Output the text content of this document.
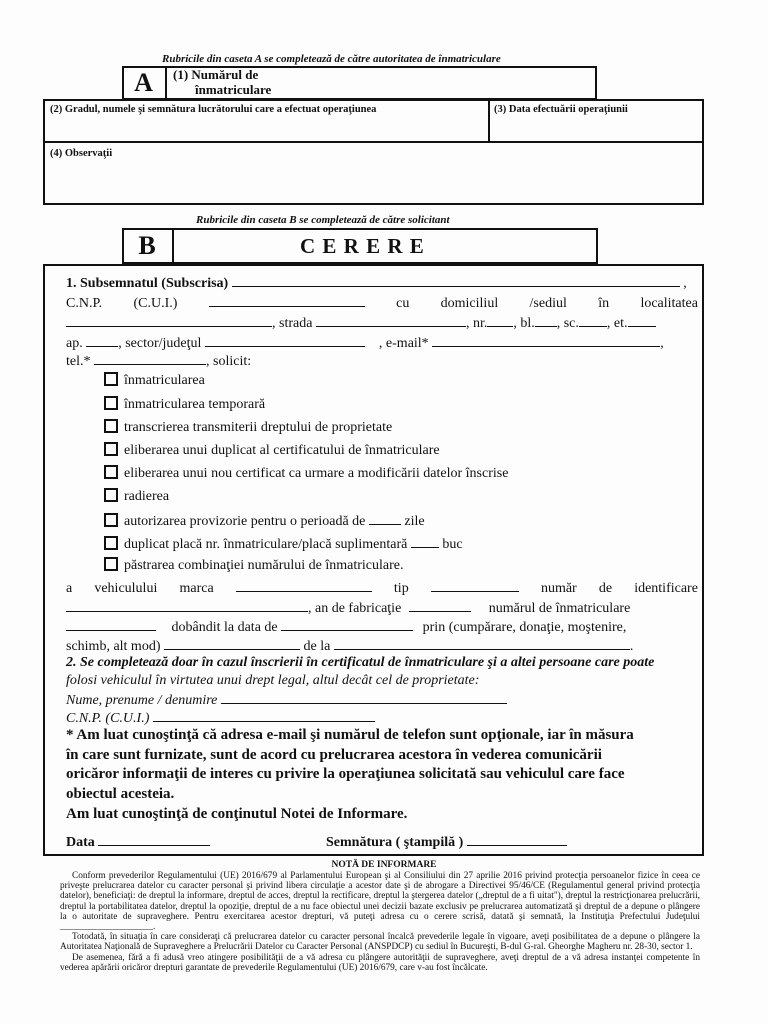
Rubricile din caseta A se completează de către autoritatea de înmatriculare
A	(1) Numărul de
înmatriculare
(2) Gradul, numele şi semnătura lucrătorului care a efectuat operaţiunea	(3) Data efectuării operaţiunii
(4) Observaţii
Rubricile din caseta B se completează de către solicitant
B	C E R E R E
1. Subsemnatul (Subscrisa)	,
C.N.P. (C.U.I.)	cu domiciliul /sediul în localitatea
, strada	, nr. , bl. , sc. , et.
ap.	, sector/judeţul	, e-mail*	,
tel.*	, solicit:
înmatricularea
înmatricularea temporară
transcrierea transmiterii dreptului de proprietate
eliberarea unui duplicat al certificatului de înmatriculare
eliberarea unui nou certificat ca urmare a modificării datelor înscrise
radierea
autorizarea provizorie pentru o perioadă de	zile
duplicat placă nr. înmatriculare/placă suplimentară	buc
păstrarea combinaţiei numărului de înmatriculare.
a vehiculului marca	tip	număr de identificare
, an de fabricaţie	numărul de înmatriculare
dobândit la data de	prin (cumpărare, donaţie, moştenire,
schimb, alt mod)	de la	.
2. Se completează doar în cazul înscrierii în certificatul de înmatriculare şi a altei persoane care poate
folosi vehiculul în virtutea unui drept legal, altul decât cel de proprietate:
Nume, prenume / denumire
C.N.P. (C.U.I.)
* Am luat cunoştinţă că adresa e-mail şi numărul de telefon sunt opţionale, iar în măsura
în care sunt furnizate, sunt de acord cu prelucrarea acestora în vederea comunicării
oricăror informaţii de interes cu privire la operaţiunea solicitată sau vehiculul care face
obiectul acesteia.
Am luat cunoştinţă de conţinutul Notei de Informare.
Data	Semnătura ( ştampilă )
NOTĂ DE INFORMARE

Conform prevederilor Regulamentului (UE) 2016/679 al Parlamentului European şi al Consiliului din 27 aprilie 2016 privind protecţia persoanelor fizice în ceea ce priveşte prelucrarea datelor cu caracter personal şi privind libera circulaţie a acestor date şi de abrogare a Directivei 95/46/CE (Regulamentul general privind protecţia datelor), beneficiaţi: de dreptul la informare, dreptul de acces, dreptul la rectificare, dreptul la ştergerea datelor („dreptul de a fi uitat"), dreptul la restricţionarea prelucrării, dreptul la portabilitatea datelor, dreptul la opoziţie, dreptul de a nu face obiectul unei decizii bazate exclusiv pe prelucrarea automatizată şi dreptul de a depune o plângere la o autoritate de supraveghere. Pentru exercitarea acestor drepturi, vă puteţi adresa cu o cerere scrisă, datată şi semnată, la Instituţia Prefectului Judeţului ____________________.

Totodată, în situaţia în care consideraţi că prelucrarea datelor cu caracter personal încalcă prevederile legale în vigoare, aveţi posibilitatea de a depune o plângere la Autoritatea Naţională de Supraveghere a Prelucrării Datelor cu Caracter Personal (ANSPDCP) cu sediul în Bucureşti, B-dul G-ral. Gheorghe Magheru nr. 28-30, sector 1.

De asemenea, fără a fi adusă vreo atingere posibilităţii de a vă adresa cu plângere autorităţii de supraveghere, aveţi dreptul de a vă adresa instanţei competente în vederea apărării oricăror drepturi garantate de prevederile Regulamentului (UE) 2016/679, care v-au fost încălcate.
